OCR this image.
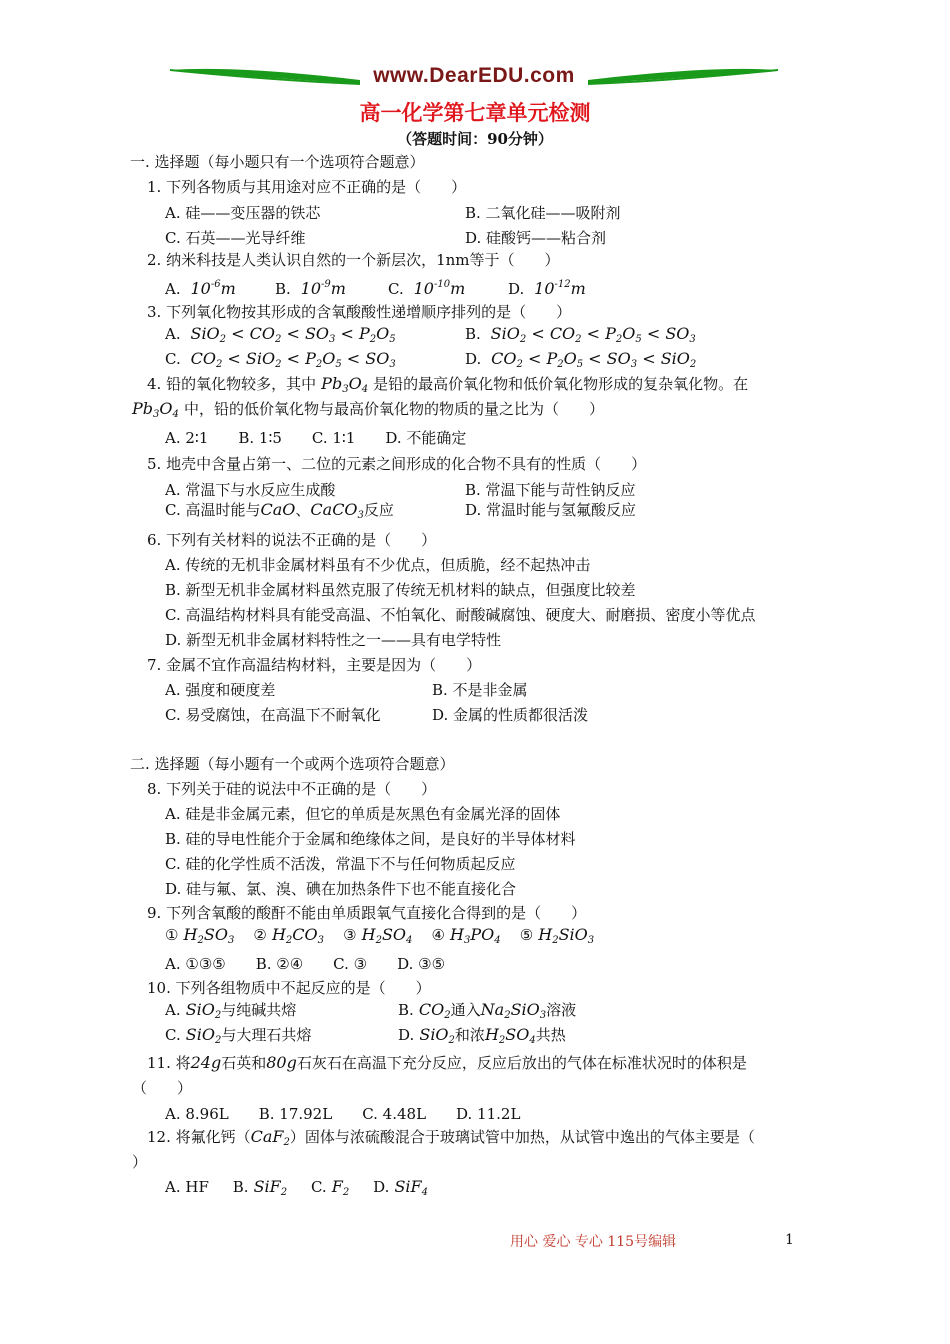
www.DearEDU.com
高一化学第七章单元检测
（答题时间：90分钟）
一. 选择题（每小题只有一个选项符合题意）
1. 下列各物质与其用途对应不正确的是（　　）
A. 硅——变压器的铁芯	B. 二氧化硅——吸附剂
C. 石英——光导纤维	D. 硅酸钙——粘合剂
2. 纳米科技是人类认识自然的一个新层次，1nm等于（　　）
A.  $10^{-6}m$	B.  $10^{-9}m$	C.  $10^{-10}m$	D.  $10^{-12}m$
3. 下列氧化物按其形成的含氧酸酸性递增顺序排列的是（　　）
A.  $SiO_2 < CO_2 < SO_3 < P_2O_5$	B.  $SiO_2 < CO_2 < P_2O_5 < SO_3$
C.  $CO_2 < SiO_2 < P_2O_5 < SO_3$	D.  $CO_2 < P_2O_5 < SO_3 < SiO_2$
4. 铅的氧化物较多，其中 $Pb_3O_4$ 是铅的最高价氧化物和低价氧化物形成的复杂氧化物。在
$Pb_3O_4$ 中，铅的低价氧化物与最高价氧化物的物质的量之比为（　　）
A. 2∶1　　B. 1∶5　　C. 1∶1　　D. 不能确定
5. 地壳中含量占第一、二位的元素之间形成的化合物不具有的性质（　　）
A. 常温下与水反应生成酸	B. 常温下能与苛性钠反应
C. 高温时能与CaO、CaCO$_3$反应	D. 常温时能与氢氟酸反应
6. 下列有关材料的说法不正确的是（　　）
A. 传统的无机非金属材料虽有不少优点，但质脆，经不起热冲击
B. 新型无机非金属材料虽然克服了传统无机材料的缺点，但强度比较差
C. 高温结构材料具有能受高温、不怕氧化、耐酸碱腐蚀、硬度大、耐磨损、密度小等优点
D. 新型无机非金属材料特性之一——具有电学特性
7. 金属不宜作高温结构材料，主要是因为（　　）
A. 强度和硬度差	B. 不是非金属
C. 易受腐蚀，在高温下不耐氧化	D. 金属的性质都很活泼
二. 选择题（每小题有一个或两个选项符合题意）
8. 下列关于硅的说法中不正确的是（　　）
A. 硅是非金属元素，但它的单质是灰黑色有金属光泽的固体
B. 硅的导电性能介于金属和绝缘体之间，是良好的半导体材料
C. 硅的化学性质不活泼，常温下不与任何物质起反应
D. 硅与氟、氯、溴、碘在加热条件下也不能直接化合
9. 下列含氧酸的酸酐不能由单质跟氧气直接化合得到的是（　　）
① $H_2SO_3$ ② $H_2CO_3$ ③ $H_2SO_4$ ④ $H_3PO_4$ ⑤ $H_2SiO_3$
A. ①③⑤　　B. ②④　　C. ③　　D. ③⑤
10. 下列各组物质中不起反应的是（　　）
A. SiO$_2$与纯碱共熔	B. $CO_2$通入$Na_2SiO_3$溶液
C. SiO$_2$与大理石共熔	D. SiO$_2$和浓$H_2SO_4$共热
11. 将24g石英和80g石灰石在高温下充分反应，反应后放出的气体在标准状况时的体积是
（　　）
A. 8.96L　　B. 17.92L　　C. 4.48L　　D. 11.2L
12. 将氟化钙（CaF$_2$）固体与浓硫酸混合于玻璃试管中加热，从试管中逸出的气体主要是（
）
A. HF B. SiF$_2$ C. $F_2$ D. SiF$_4$
用心 爱心 专心 115号编辑	1
